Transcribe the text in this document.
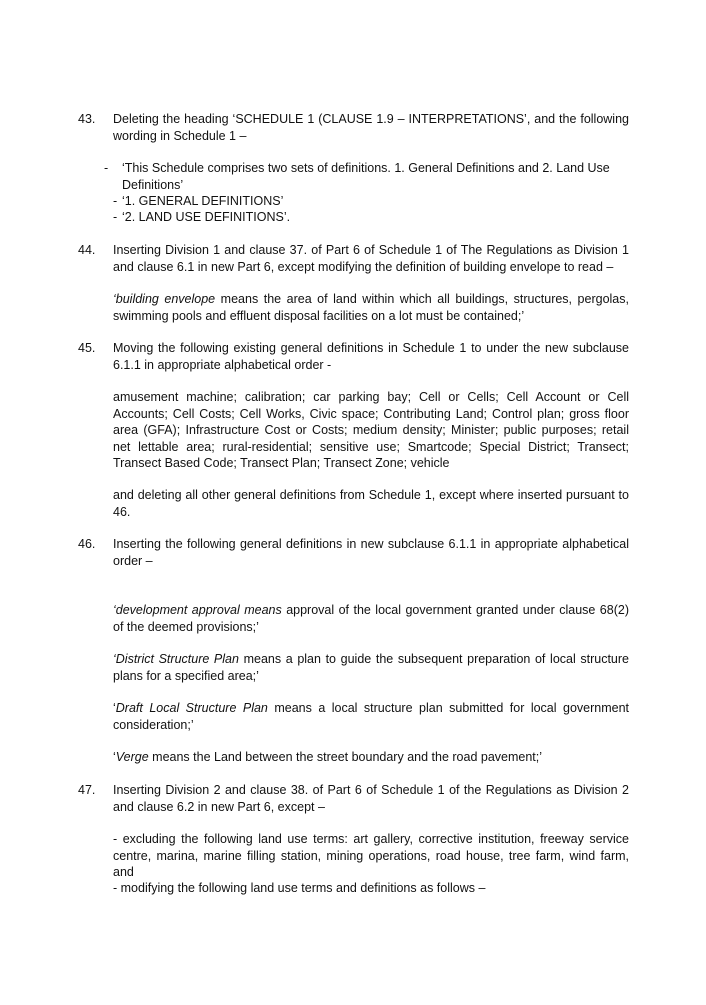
43. Deleting the heading ‘SCHEDULE 1 (CLAUSE 1.9 – INTERPRETATIONS’, and the following wording in Schedule 1 –

- ‘This Schedule comprises two sets of definitions. 1. General Definitions and 2. Land Use Definitions’

- ‘1. GENERAL DEFINITIONS’

- ‘2. LAND USE DEFINITIONS’.

44. Inserting Division 1 and clause 37. of Part 6 of Schedule 1 of The Regulations as Division 1 and clause 6.1 in new Part 6, except modifying the definition of building envelope to read –

‘building envelope means the area of land within which all buildings, structures, pergolas, swimming pools and effluent disposal facilities on a lot must be contained;’

45. Moving the following existing general definitions in Schedule 1 to under the new subclause 6.1.1 in appropriate alphabetical order -

amusement machine; calibration; car parking bay; Cell or Cells; Cell Account or Cell Accounts; Cell Costs; Cell Works, Civic space; Contributing Land; Control plan; gross floor area (GFA); Infrastructure Cost or Costs; medium density; Minister; public purposes; retail net lettable area; rural-residential; sensitive use; Smartcode; Special District; Transect; Transect Based Code; Transect Plan; Transect Zone; vehicle

and deleting all other general definitions from Schedule 1, except where inserted pursuant to 46.

46. Inserting the following general definitions in new subclause 6.1.1 in appropriate alphabetical order –

‘development approval means approval of the local government granted under clause 68(2) of the deemed provisions;’

‘District Structure Plan means a plan to guide the subsequent preparation of local structure plans for a specified area;’

‘Draft Local Structure Plan means a local structure plan submitted for local government consideration;’

‘Verge means the Land between the street boundary and the road pavement;’

47. Inserting Division 2 and clause 38. of Part 6 of Schedule 1 of the Regulations as Division 2 and clause 6.2 in new Part 6, except –

- excluding the following land use terms: art gallery, corrective institution, freeway service centre, marina, marine filling station, mining operations, road house, tree farm, wind farm, and

- modifying the following land use terms and definitions as follows –
